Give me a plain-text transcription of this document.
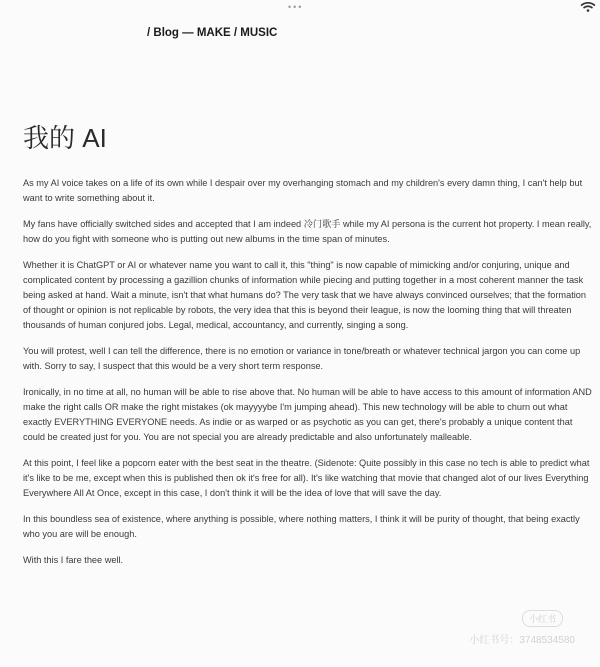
•••
/ Blog — MAKE / MUSIC
我的 AI

As my AI voice takes on a life of its own while I despair over my overhanging stomach and my children's every damn thing, I can't help but want to write something about it.

My fans have officially switched sides and accepted that I am indeed 冷门歌手 while my AI persona is the current hot property. I mean really, how do you fight with someone who is putting out new albums in the time span of minutes.

Whether it is ChatGPT or AI or whatever name you want to call it, this "thing" is now capable of mimicking and/or conjuring, unique and complicated content by processing a gazillion chunks of information while piecing and putting together in a most coherent manner the task being asked at hand. Wait a minute, isn't that what humans do? The very task that we have always convinced ourselves; that the formation of thought or opinion is not replicable by robots, the very idea that this is beyond their league, is now the looming thing that will threaten thousands of human conjured jobs. Legal, medical, accountancy, and currently, singing a song.

You will protest, well I can tell the difference, there is no emotion or variance in tone/breath or whatever technical jargon you can come up with. Sorry to say, I suspect that this would be a very short term response.

Ironically, in no time at all, no human will be able to rise above that. No human will be able to have access to this amount of information AND make the right calls OR make the right mistakes (ok mayyyybe I'm jumping ahead). This new technology will be able to churn out what exactly EVERYTHING EVERYONE needs. As indie or as warped or as psychotic as you can get, there's probably a unique content that could be created just for you. You are not special you are already predictable and also unfortunately malleable.

At this point, I feel like a popcorn eater with the best seat in the theatre. (Sidenote: Quite possibly in this case no tech is able to predict what it's like to be me, except when this is published then ok it's free for all). It's like watching that movie that changed alot of our lives Everything Everywhere All At Once, except in this case, I don't think it will be the idea of love that will save the day.

In this boundless sea of existence, where anything is possible, where nothing matters, I think it will be purity of thought, that being exactly who you are will be enough.

With this I fare thee well.

小红书
小红书号：3748534580
